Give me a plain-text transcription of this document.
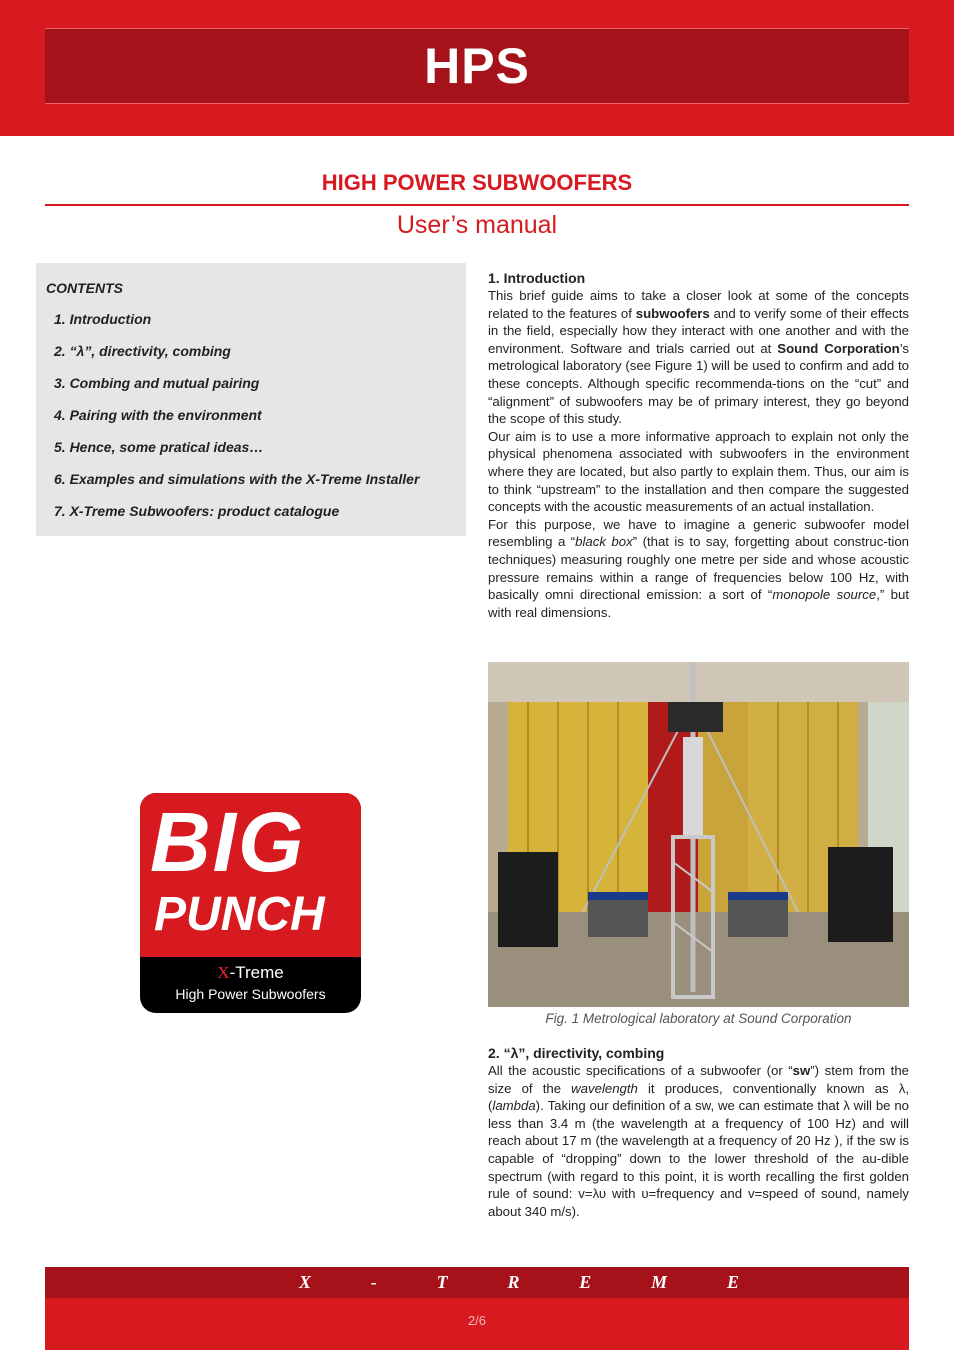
HPS
HIGH POWER SUBWOOFERS
User’s manual
CONTENTS
1. Introduction
2. “λ”, directivity, combing
3. Combing and mutual pairing
4. Pairing with the environment
5. Hence, some pratical ideas…
6. Examples and simulations with the X-Treme Installer
7. X-Treme Subwoofers: product catalogue
BIG
PUNCH
X-Treme
High Power Subwoofers
1. Introduction

This brief guide aims to take a closer look at some of the concepts related to the features of subwoofers and to verify some of their effects in the field, especially how they interact with one another and with the environment. Software and trials carried out at Sound Corporation’s metrological laboratory (see Figure 1) will be used to confirm and add to these concepts. Although specific recommenda-tions on the “cut” and “alignment” of subwoofers may be of primary interest, they go beyond the scope of this study.

Our aim is to use a more informative approach to explain not only the physical phenomena associated with subwoofers in the environment where they are located, but also partly to explain them. Thus, our aim is to think “upstream” to the installation and then compare the suggested concepts with the acoustic measurements of an actual installation.

For this purpose, we have to imagine a generic subwoofer model resembling a “black box” (that is to say, forgetting about construc-tion techniques) measuring roughly one metre per side and whose acoustic pressure remains within a range of frequencies below 100 Hz, with basically omni directional emission: a sort of “monopole source,” but with real dimensions.

Fig. 1 Metrological laboratory at Sound Corporation
2. “λ”, directivity, combing

All the acoustic specifications of a subwoofer (or “sw”) stem from the size of the wavelength it produces, conventionally known as λ, (lambda). Taking our definition of a sw, we can estimate that λ will be no less than 3.4 m (the wavelength at a frequency of 100 Hz) and will reach about 17 m (the wavelength at a frequency of 20 Hz ), if the sw is capable of “dropping” down to the lower threshold of the au-dible spectrum (with regard to this point, it is worth recalling the first golden rule of sound: v=λυ with υ=frequency and v=speed of sound, namely about 340 m/s).

X	-	T	R	E	M	E
2/6
